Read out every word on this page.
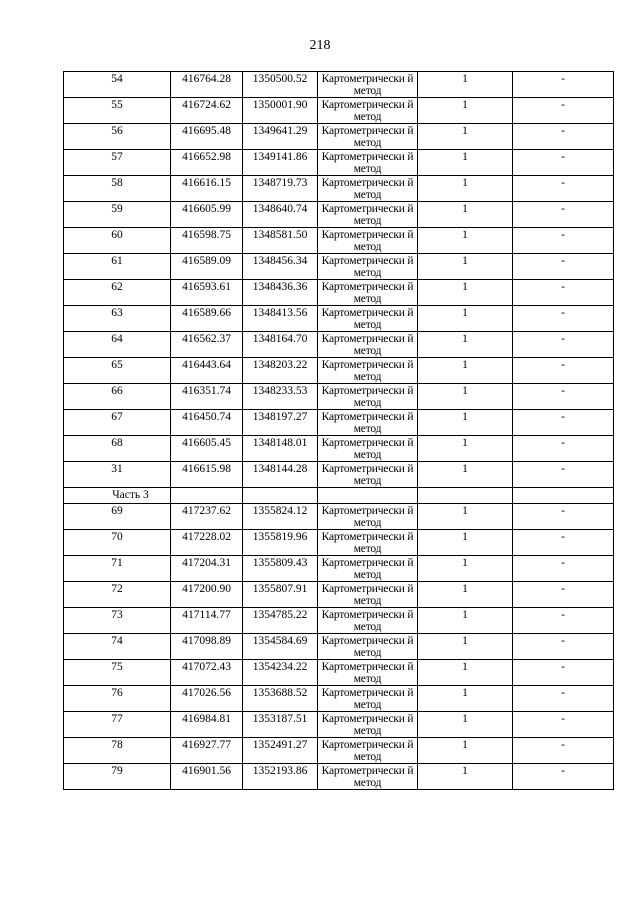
218
54	416764.28	1350500.52	Картометрически й метод	1	-

55	416724.62	1350001.90	Картометрически й метод	1	-

56	416695.48	1349641.29	Картометрически й метод	1	-

57	416652.98	1349141.86	Картометрически й метод	1	-

58	416616.15	1348719.73	Картометрически й метод	1	-

59	416605.99	1348640.74	Картометрически й метод	1	-

60	416598.75	1348581.50	Картометрически й метод	1	-

61	416589.09	1348456.34	Картометрически й метод	1	-

62	416593.61	1348436.36	Картометрически й метод	1	-

63	416589.66	1348413.56	Картометрически й метод	1	-

64	416562.37	1348164.70	Картометрически й метод	1	-

65	416443.64	1348203.22	Картометрически й метод	1	-

66	416351.74	1348233.53	Картометрически й метод	1	-

67	416450.74	1348197.27	Картометрически й метод	1	-

68	416605.45	1348148.01	Картометрически й метод	1	-

31	416615.98	1348144.28	Картометрически й метод	1	-

Часть 3					

69	417237.62	1355824.12	Картометрически й метод	1	-

70	417228.02	1355819.96	Картометрически й метод	1	-

71	417204.31	1355809.43	Картометрически й метод	1	-

72	417200.90	1355807.91	Картометрически й метод	1	-

73	417114.77	1354785.22	Картометрически й метод	1	-

74	417098.89	1354584.69	Картометрически й метод	1	-

75	417072.43	1354234.22	Картометрически й метод	1	-

76	417026.56	1353688.52	Картометрически й метод	1	-

77	416984.81	1353187.51	Картометрически й метод	1	-

78	416927.77	1352491.27	Картометрически й метод	1	-

79	416901.56	1352193.86	Картометрически й метод	1	-
